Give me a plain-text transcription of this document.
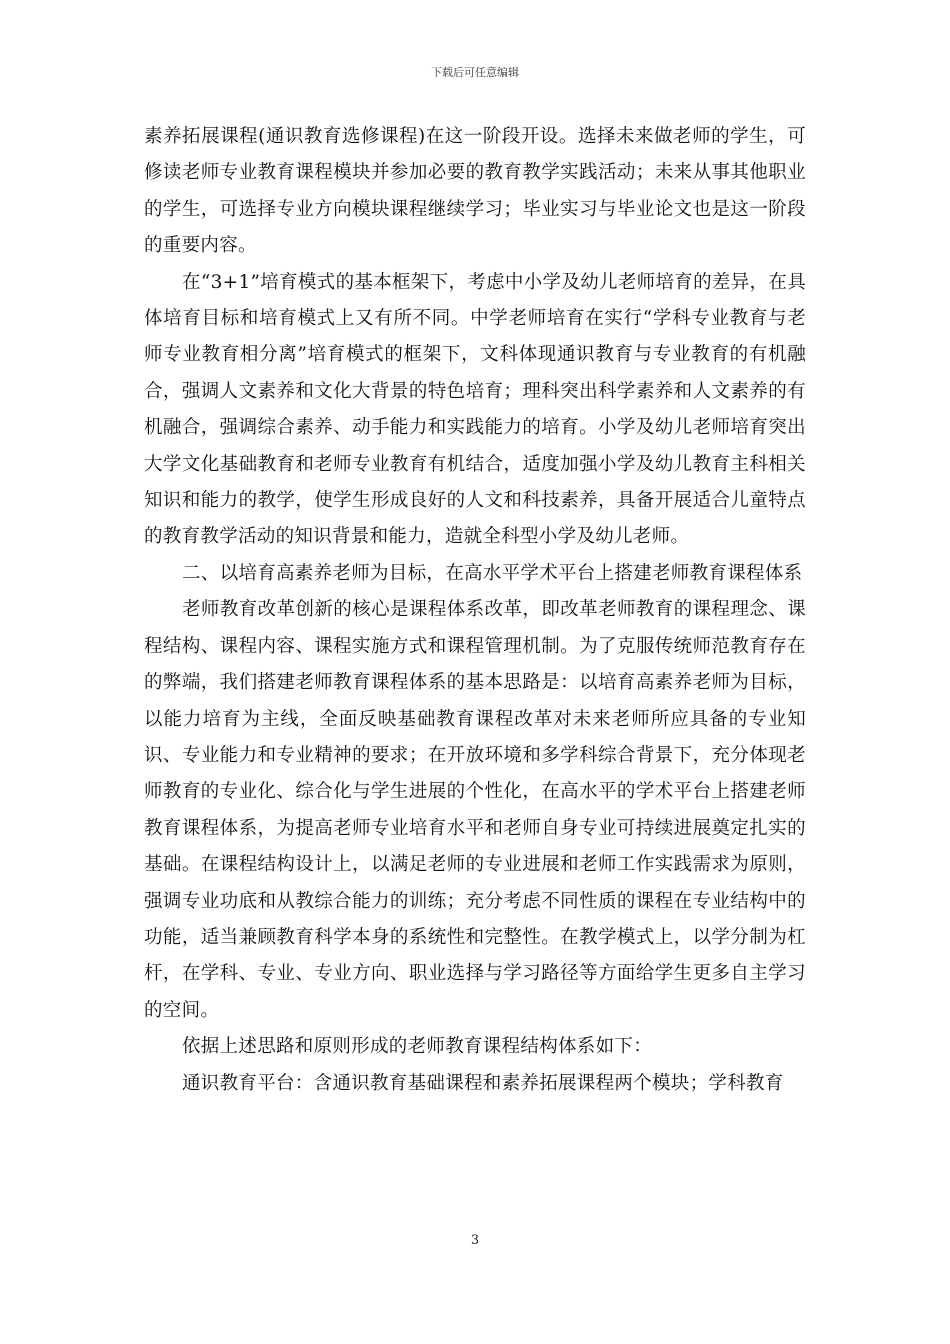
下载后可任意编辑

素养拓展课程(通识教育选修课程)在这一阶段开设。选择未来做老师的学生，可修读老师专业教育课程模块并参加必要的教育教学实践活动；未来从事其他职业的学生，可选择专业方向模块课程继续学习；毕业实习与毕业论文也是这一阶段的重要内容。

在“3+1”培育模式的基本框架下，考虑中小学及幼儿老师培育的差异，在具体培育目标和培育模式上又有所不同。中学老师培育在实行“学科专业教育与老师专业教育相分离”培育模式的框架下，文科体现通识教育与专业教育的有机融合，强调人文素养和文化大背景的特色培育；理科突出科学素养和人文素养的有机融合，强调综合素养、动手能力和实践能力的培育。小学及幼儿老师培育突出大学文化基础教育和老师专业教育有机结合，适度加强小学及幼儿教育主科相关知识和能力的教学，使学生形成良好的人文和科技素养，具备开展适合儿童特点的教育教学活动的知识背景和能力，造就全科型小学及幼儿老师。

二、以培育高素养老师为目标，在高水平学术平台上搭建老师教育课程体系

老师教育改革创新的核心是课程体系改革，即改革老师教育的课程理念、课程结构、课程内容、课程实施方式和课程管理机制。为了克服传统师范教育存在的弊端，我们搭建老师教育课程体系的基本思路是：以培育高素养老师为目标，以能力培育为主线，全面反映基础教育课程改革对未来老师所应具备的专业知识、专业能力和专业精神的要求；在开放环境和多学科综合背景下，充分体现老师教育的专业化、综合化与学生进展的个性化，在高水平的学术平台上搭建老师教育课程体系，为提高老师专业培育水平和老师自身专业可持续进展奠定扎实的基础。在课程结构设计上，以满足老师的专业进展和老师工作实践需求为原则，强调专业功底和从教综合能力的训练；充分考虑不同性质的课程在专业结构中的功能，适当兼顾教育科学本身的系统性和完整性。在教学模式上，以学分制为杠杆，在学科、专业、专业方向、职业选择与学习路径等方面给学生更多自主学习的空间。

依据上述思路和原则形成的老师教育课程结构体系如下：

通识教育平台：含通识教育基础课程和素养拓展课程两个模块；学科教育

3
